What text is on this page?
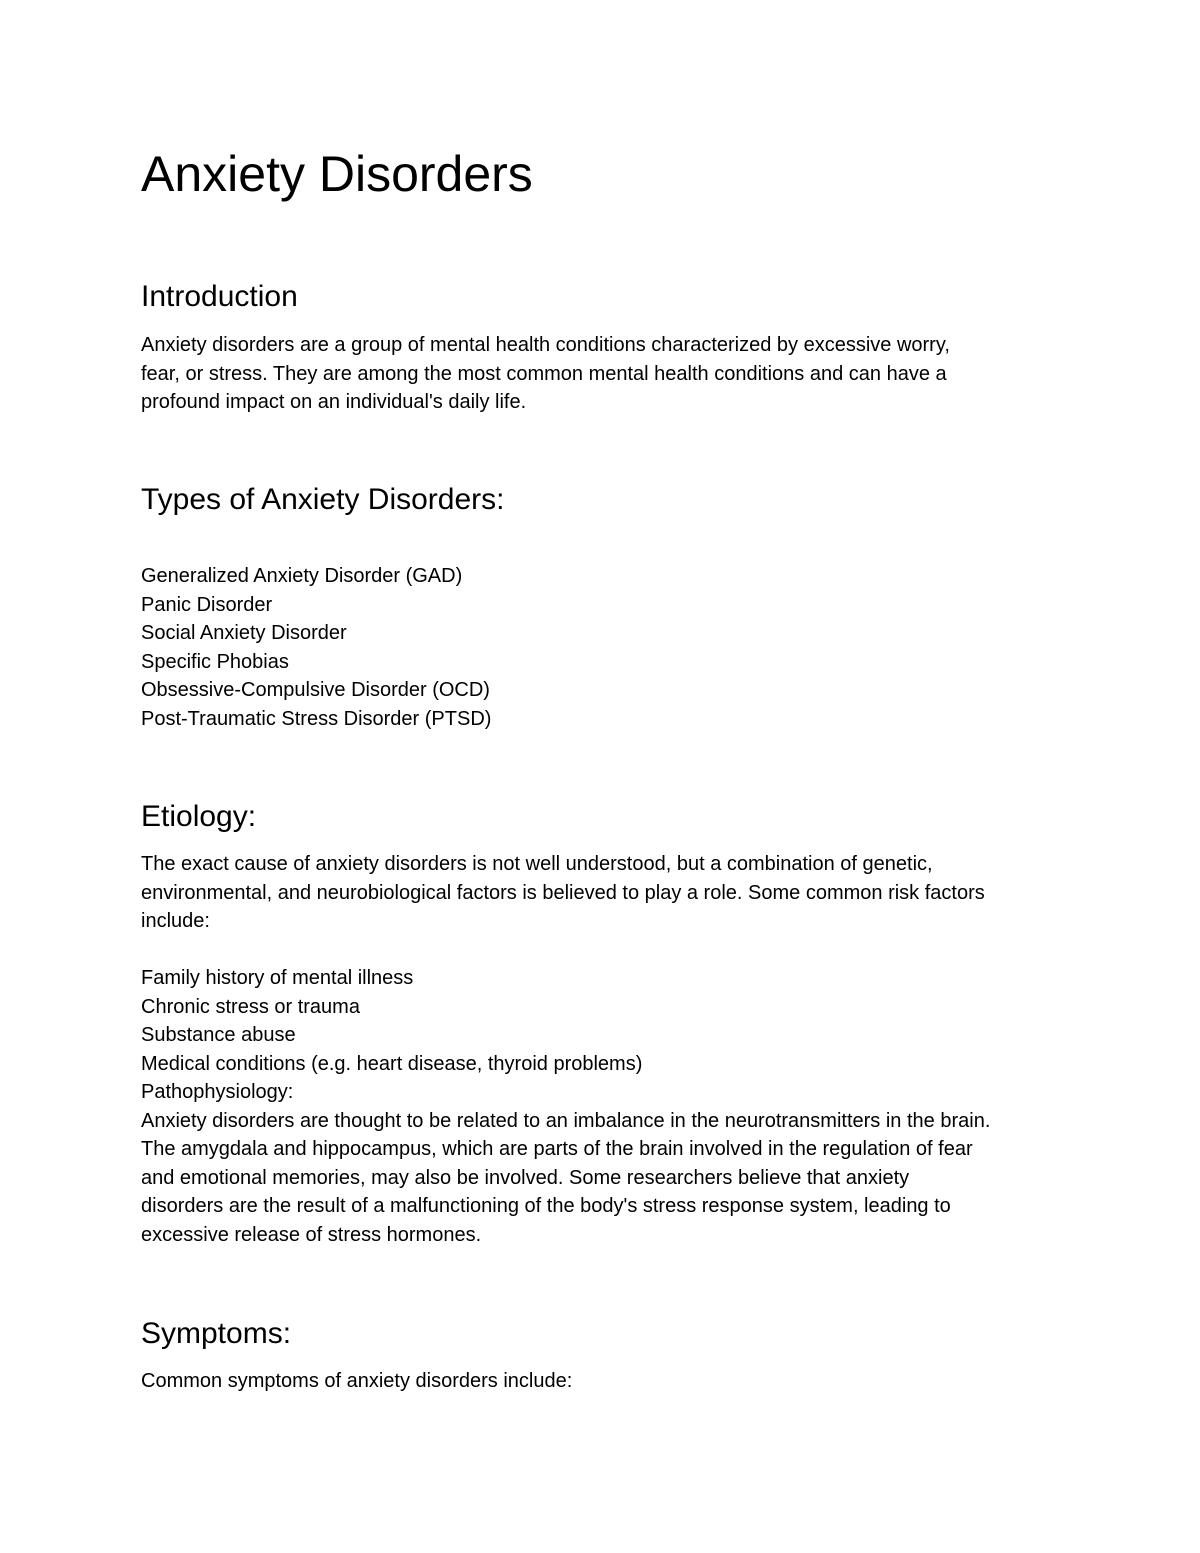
Anxiety Disorders
Introduction

Anxiety disorders are a group of mental health conditions characterized by excessive worry,
fear, or stress. They are among the most common mental health conditions and can have a
profound impact on an individual's daily life.

Types of Anxiety Disorders:
Generalized Anxiety Disorder (GAD)
Panic Disorder
Social Anxiety Disorder
Specific Phobias
Obsessive-Compulsive Disorder (OCD)
Post-Traumatic Stress Disorder (PTSD)
Etiology:

The exact cause of anxiety disorders is not well understood, but a combination of genetic,
environmental, and neurobiological factors is believed to play a role. Some common risk factors
include:

Family history of mental illness
Chronic stress or trauma
Substance abuse
Medical conditions (e.g. heart disease, thyroid problems)

Pathophysiology:
Anxiety disorders are thought to be related to an imbalance in the neurotransmitters in the brain.
The amygdala and hippocampus, which are parts of the brain involved in the regulation of fear
and emotional memories, may also be involved. Some researchers believe that anxiety
disorders are the result of a malfunctioning of the body's stress response system, leading to
excessive release of stress hormones.

Symptoms:

Common symptoms of anxiety disorders include:
